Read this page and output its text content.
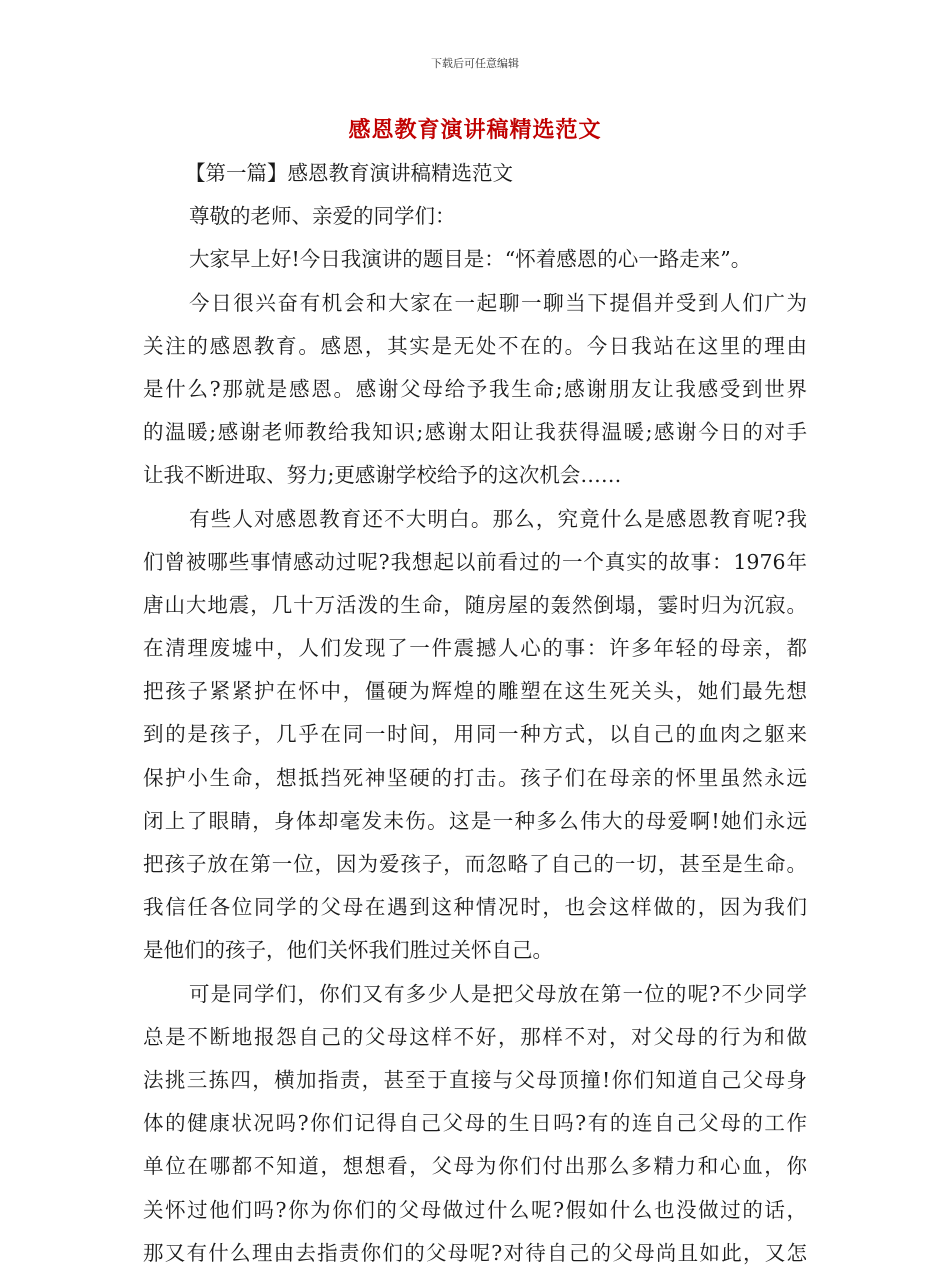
下载后可任意编辑
感恩教育演讲稿精选范文
【第一篇】感恩教育演讲稿精选范文
尊敬的老师、亲爱的同学们：
大家早上好!今日我演讲的题目是：“怀着感恩的心一路走来”。
今日很兴奋有机会和大家在一起聊一聊当下提倡并受到人们广为
关注的感恩教育。感恩，其实是无处不在的。今日我站在这里的理由
是什么?那就是感恩。感谢父母给予我生命;感谢朋友让我感受到世界
的温暖;感谢老师教给我知识;感谢太阳让我获得温暖;感谢今日的对手
让我不断进取、努力;更感谢学校给予的这次机会……
有些人对感恩教育还不大明白。那么，究竟什么是感恩教育呢?我
们曾被哪些事情感动过呢?我想起以前看过的一个真实的故事：1976年
唐山大地震，几十万活泼的生命，随房屋的轰然倒塌，霎时归为沉寂。
在清理废墟中，人们发现了一件震撼人心的事：许多年轻的母亲，都
把孩子紧紧护在怀中，僵硬为辉煌的雕塑在这生死关头，她们最先想
到的是孩子，几乎在同一时间，用同一种方式，以自己的血肉之躯来
保护小生命，想抵挡死神坚硬的打击。孩子们在母亲的怀里虽然永远
闭上了眼睛，身体却毫发未伤。这是一种多么伟大的母爱啊!她们永远
把孩子放在第一位，因为爱孩子，而忽略了自己的一切，甚至是生命。
我信任各位同学的父母在遇到这种情况时，也会这样做的，因为我们
是他们的孩子，他们关怀我们胜过关怀自己。
可是同学们，你们又有多少人是把父母放在第一位的呢?不少同学
总是不断地报怨自己的父母这样不好，那样不对，对父母的行为和做
法挑三拣四，横加指责，甚至于直接与父母顶撞!你们知道自己父母身
体的健康状况吗?你们记得自己父母的生日吗?有的连自己父母的工作
单位在哪都不知道，想想看，父母为你们付出那么多精力和心血，你
关怀过他们吗?你为你们的父母做过什么呢?假如什么也没做过的话，
那又有什么理由去指责你们的父母呢?对待自己的父母尚且如此，又怎
